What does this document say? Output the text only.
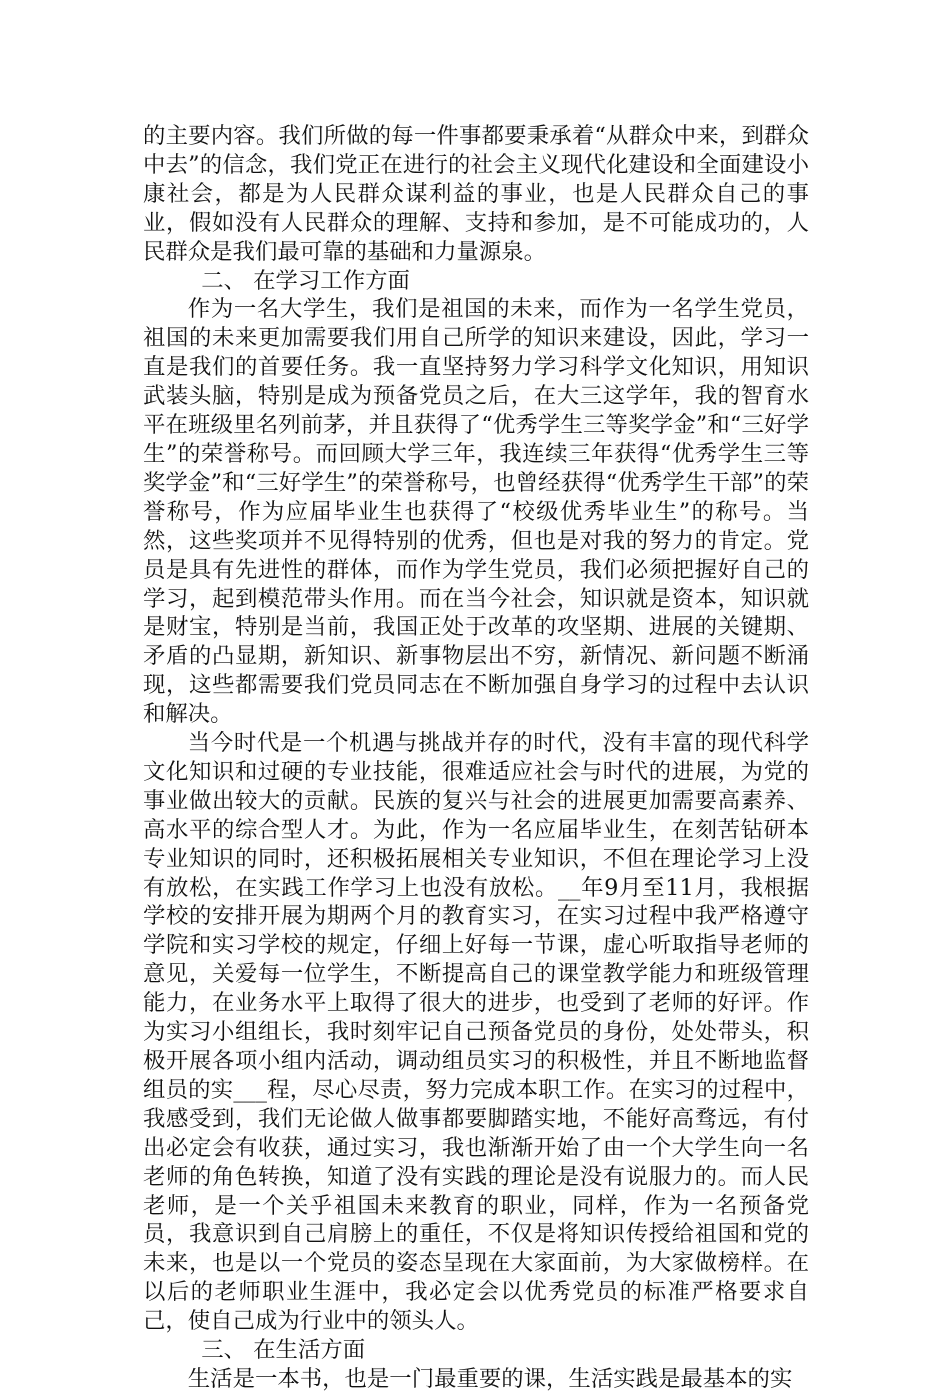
的主要内容。我们所做的每一件事都要秉承着“从群众中来，到群众中去”的信念，我们党正在进行的社会主义现代化建设和全面建设小康社会，都是为人民群众谋利益的事业，也是人民群众自己的事业，假如没有人民群众的理解、支持和参加，是不可能成功的，人民群众是我们最可靠的基础和力量源泉。

二、 在学习工作方面

作为一名大学生，我们是祖国的未来，而作为一名学生党员，祖国的未来更加需要我们用自己所学的知识来建设，因此，学习一直是我们的首要任务。我一直坚持努力学习科学文化知识，用知识武装头脑，特别是成为预备党员之后，在大三这学年，我的智育水平在班级里名列前茅，并且获得了“优秀学生三等奖学金”和“三好学生”的荣誉称号。而回顾大学三年，我连续三年获得“优秀学生三等奖学金”和“三好学生”的荣誉称号，也曾经获得“优秀学生干部”的荣誉称号，作为应届毕业生也获得了“校级优秀毕业生”的称号。当然，这些奖项并不见得特别的优秀，但也是对我的努力的肯定。党员是具有先进性的群体，而作为学生党员，我们必须把握好自己的学习，起到模范带头作用。而在当今社会，知识就是资本，知识就是财宝，特别是当前，我国正处于改革的攻坚期、进展的关键期、矛盾的凸显期，新知识、新事物层出不穷，新情况、新问题不断涌现，这些都需要我们党员同志在不断加强自身学习的过程中去认识和解决。

当今时代是一个机遇与挑战并存的时代，没有丰富的现代科学文化知识和过硬的专业技能，很难适应社会与时代的进展，为党的事业做出较大的贡献。民族的复兴与社会的进展更加需要高素养、高水平的综合型人才。为此，作为一名应届毕业生，在刻苦钻研本专业知识的同时，还积极拓展相关专业知识，不但在理论学习上没有放松，在实践工作学习上也没有放松。__年9月至11月，我根据学校的安排开展为期两个月的教育实习，在实习过程中我严格遵守学院和实习学校的规定，仔细上好每一节课，虚心听取指导老师的意见，关爱每一位学生，不断提高自己的课堂教学能力和班级管理能力，在业务水平上取得了很大的进步，也受到了老师的好评。作为实习小组组长，我时刻牢记自己预备党员的身份，处处带头，积极开展各项小组内活动，调动组员实习的积极性，并且不断地监督组员的实___程，尽心尽责，努力完成本职工作。在实习的过程中，我感受到，我们无论做人做事都要脚踏实地，不能好高骛远，有付出必定会有收获，通过实习，我也渐渐开始了由一个大学生向一名老师的角色转换，知道了没有实践的理论是没有说服力的。而人民老师，是一个关乎祖国未来教育的职业，同样，作为一名预备党员，我意识到自己肩膀上的重任，不仅是将知识传授给祖国和党的未来，也是以一个党员的姿态呈现在大家面前，为大家做榜样。在以后的老师职业生涯中，我必定会以优秀党员的标准严格要求自己，使自己成为行业中的领头人。

三、 在生活方面

生活是一本书，也是一门最重要的课，生活实践是最基本的实
